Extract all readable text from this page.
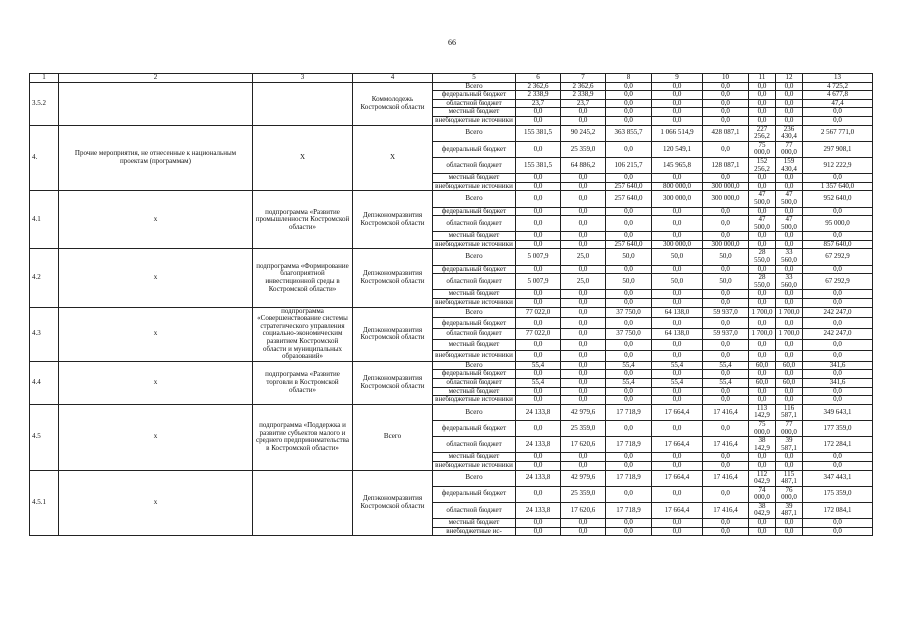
66
1	2	3	4	5	6	7	8	9	10	11	12	13
3.5.2			Коммолодежь Костромской области	Всего	2 362,6	2 362,6	0,0	0,0	0,0	0,0	0,0	4 725,2
				федеральный бюджет	2 338,9	2 338,9	0,0	0,0	0,0	0,0	0,0	4 677,8
				областной бюджет	23,7	23,7	0,0	0,0	0,0	0,0	0,0	47,4
				местный бюджет	0,0	0,0	0,0	0,0	0,0	0,0	0,0	0,0
				внебюджетные источники	0,0	0,0	0,0	0,0	0,0	0,0	0,0	0,0
4.	Прочие мероприятия, не отнесенные к национальным проектам (программам)	Х	Х	Всего	155 381,5	90 245,2	363 855,7	1 066 514,9	428 087,1	227 256,2	236 430,4	2 567 771,0
				федеральный бюджет	0,0	25 359,0	0,0	120 549,1	0,0	75 000,0	77 000,0	297 908,1
				областной бюджет	155 381,5	64 886,2	106 215,7	145 965,8	128 087,1	152 256,2	159 430,4	912 222,9
				местный бюджет	0,0	0,0	0,0	0,0	0,0	0,0	0,0	0,0
				внебюджетные источники	0,0	0,0	257 640,0	800 000,0	300 000,0	0,0	0,0	1 357 640,0
4.1	х	подпрограмма «Развитие промышленности Костромской области»	Депэкономразвития Костромской области	Всего	0,0	0,0	257 640,0	300 000,0	300 000,0	47 500,0	47 500,0	952 640,0
				федеральный бюджет	0,0	0,0	0,0	0,0	0,0	0,0	0,0	0,0
				областной бюджет	0,0	0,0	0,0	0,0	0,0	47 500,0	47 500,0	95 000,0
				местный бюджет	0,0	0,0	0,0	0,0	0,0	0,0	0,0	0,0
				внебюджетные источники	0,0	0,0	257 640,0	300 000,0	300 000,0	0,0	0,0	857 640,0
4.2	х	подпрограмма «Формирование благоприятной инвестиционной среды в Костромской области»	Депэкономразвития Костромской области	Всего	5 007,9	25,0	50,0	50,0	50,0	28 550,0	33 560,0	67 292,9
				федеральный бюджет	0,0	0,0	0,0	0,0	0,0	0,0	0,0	0,0
				областной бюджет	5 007,9	25,0	50,0	50,0	50,0	28 550,0	33 560,0	67 292,9
				местный бюджет	0,0	0,0	0,0	0,0	0,0	0,0	0,0	0,0
				внебюджетные источники	0,0	0,0	0,0	0,0	0,0	0,0	0,0	0,0
4.3	х	подпрограмма «Совершенствование системы стратегического управления социально-экономическим развитием Костромской области и муниципальных образований»	Депэкономразвития Костромской области	Всего	77 022,0	0,0	37 750,0	64 138,0	59 937,0	1 700,0	1 700,0	242 247,0
				федеральный бюджет	0,0	0,0	0,0	0,0	0,0	0,0	0,0	0,0
				областной бюджет	77 022,0	0,0	37 750,0	64 138,0	59 937,0	1 700,0	1 700,0	242 247,0
				местный бюджет	0,0	0,0	0,0	0,0	0,0	0,0	0,0	0,0
				внебюджетные источники	0,0	0,0	0,0	0,0	0,0	0,0	0,0	0,0
4.4	х	подпрограмма «Развитие торговли в Костромской области»	Депэкономразвития Костромской области	Всего	55,4	0,0	55,4	55,4	55,4	60,0	60,0	341,6
				федеральный бюджет	0,0	0,0	0,0	0,0	0,0	0,0	0,0	0,0
				областной бюджет	55,4	0,0	55,4	55,4	55,4	60,0	60,0	341,6
				местный бюджет	0,0	0,0	0,0	0,0	0,0	0,0	0,0	0,0
				внебюджетные источники	0,0	0,0	0,0	0,0	0,0	0,0	0,0	0,0
4.5	х	подпрограмма «Поддержка и развитие субъектов малого и среднего предпринимательства в Костромской области»	Всего	Всего	24 133,8	42 979,6	17 718,9	17 664,4	17 416,4	113 142,9	116 587,1	349 643,1
				федеральный бюджет	0,0	25 359,0	0,0	0,0	0,0	75 000,0	77 000,0	177 359,0
				областной бюджет	24 133,8	17 620,6	17 718,9	17 664,4	17 416,4	38 142,9	39 587,1	172 284,1
				местный бюджет	0,0	0,0	0,0	0,0	0,0	0,0	0,0	0,0
				внебюджетные источники	0,0	0,0	0,0	0,0	0,0	0,0	0,0	0,0
4.5.1	х		Депэкономразвития Костромской области	Всего	24 133,8	42 979,6	17 718,9	17 664,4	17 416,4	112 042,9	115 487,1	347 443,1
				федеральный бюджет	0,0	25 359,0	0,0	0,0	0,0	74 000,0	76 000,0	175 359,0
				областной бюджет	24 133,8	17 620,6	17 718,9	17 664,4	17 416,4	38 042,9	39 487,1	172 084,1
				местный бюджет	0,0	0,0	0,0	0,0	0,0	0,0	0,0	0,0
				внебюджетные ис-	0,0	0,0	0,0	0,0	0,0	0,0	0,0	0,0
